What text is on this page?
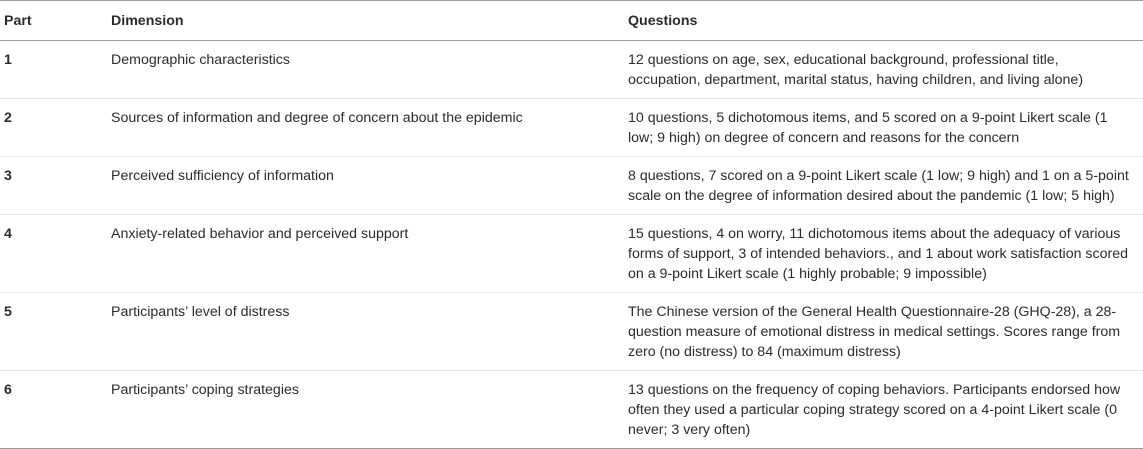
Part	Dimension	Questions
1	Demographic characteristics	12 questions on age, sex, educational background, professional title, occupation, department, marital status, having children, and living alone)
2	Sources of information and degree of concern about the epidemic	10 questions, 5 dichotomous items, and 5 scored on a 9-point Likert scale (1 low; 9 high) on degree of concern and reasons for the concern
3	Perceived sufficiency of information	8 questions, 7 scored on a 9-point Likert scale (1 low; 9 high) and 1 on a 5-point scale on the degree of information desired about the pandemic (1 low; 5 high)
4	Anxiety-related behavior and perceived support	15 questions, 4 on worry, 11 dichotomous items about the adequacy of various forms of support, 3 of intended behaviors., and 1 about work satisfaction scored on a 9-point Likert scale (1 highly probable; 9 impossible)
5	Participants’ level of distress	The Chinese version of the General Health Questionnaire-28 (GHQ-28), a 28-question measure of emotional distress in medical settings. Scores range from zero (no distress) to 84 (maximum distress)
6	Participants’ coping strategies	13 questions on the frequency of coping behaviors. Participants endorsed how often they used a particular coping strategy scored on a 4-point Likert scale (0 never; 3 very often)
